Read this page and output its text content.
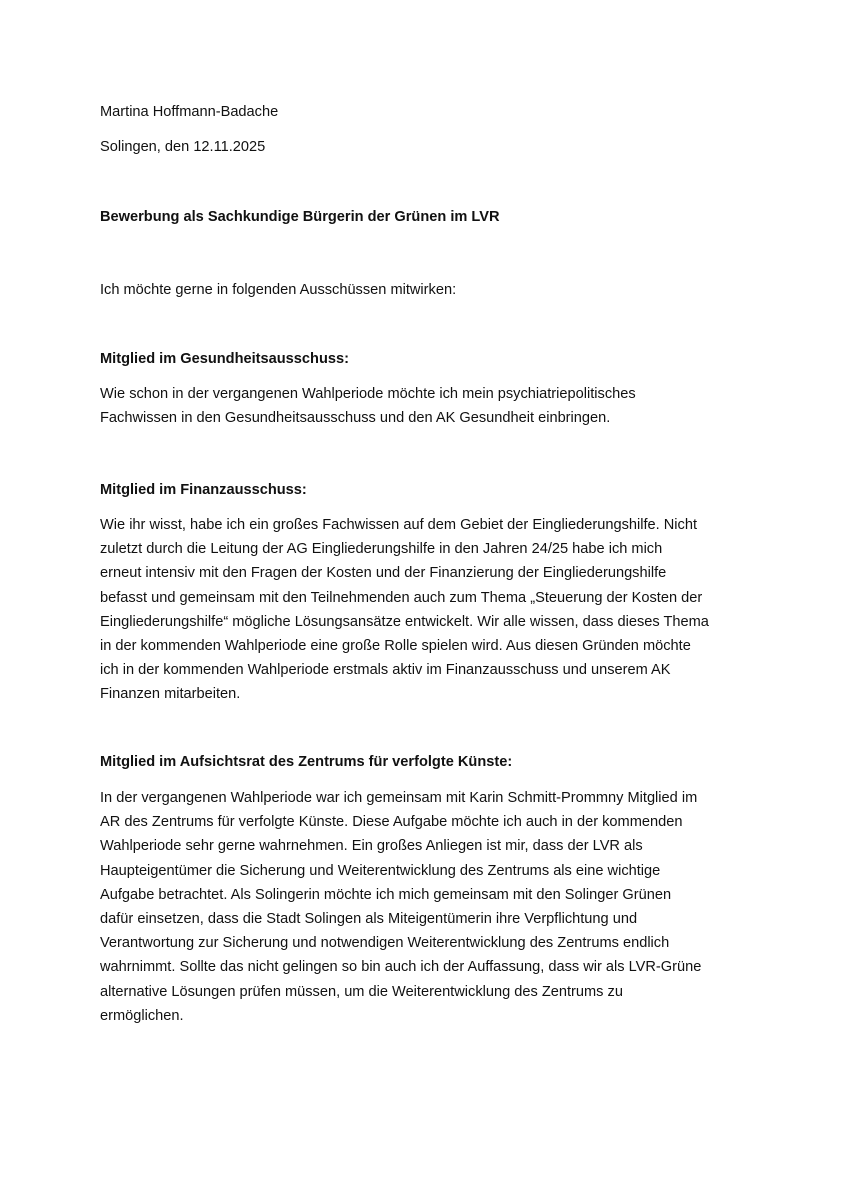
Martina Hoffmann-Badache

Solingen, den 12.11.2025

Bewerbung als Sachkundige Bürgerin der Grünen im LVR

Ich möchte gerne in folgenden Ausschüssen mitwirken:

Mitglied im Gesundheitsausschuss:

Wie schon in der vergangenen Wahlperiode möchte ich mein psychiatriepolitisches
Fachwissen in den Gesundheitsausschuss und den AK Gesundheit einbringen.

Mitglied im Finanzausschuss:

Wie ihr wisst, habe ich ein großes Fachwissen auf dem Gebiet der Eingliederungshilfe. Nicht
zuletzt durch die Leitung der AG Eingliederungshilfe in den Jahren 24/25 habe ich mich
erneut intensiv mit den Fragen der Kosten und der Finanzierung der Eingliederungshilfe
befasst und gemeinsam mit den Teilnehmenden auch zum Thema „Steuerung der Kosten der
Eingliederungshilfe“ mögliche Lösungsansätze entwickelt. Wir alle wissen, dass dieses Thema
in der kommenden Wahlperiode eine große Rolle spielen wird. Aus diesen Gründen möchte
ich in der kommenden Wahlperiode erstmals aktiv im Finanzausschuss und unserem AK
Finanzen mitarbeiten.

Mitglied im Aufsichtsrat des Zentrums für verfolgte Künste:

In der vergangenen Wahlperiode war ich gemeinsam mit Karin Schmitt-Prommny Mitglied im
AR des Zentrums für verfolgte Künste. Diese Aufgabe möchte ich auch in der kommenden
Wahlperiode sehr gerne wahrnehmen. Ein großes Anliegen ist mir, dass der LVR als
Haupteigentümer die Sicherung und Weiterentwicklung des Zentrums als eine wichtige
Aufgabe betrachtet. Als Solingerin möchte ich mich gemeinsam mit den Solinger Grünen
dafür einsetzen, dass die Stadt Solingen als Miteigentümerin ihre Verpflichtung und
Verantwortung zur Sicherung und notwendigen Weiterentwicklung des Zentrums endlich
wahrnimmt. Sollte das nicht gelingen so bin auch ich der Auffassung, dass wir als LVR-Grüne
alternative Lösungen prüfen müssen, um die Weiterentwicklung des Zentrums zu
ermöglichen.
